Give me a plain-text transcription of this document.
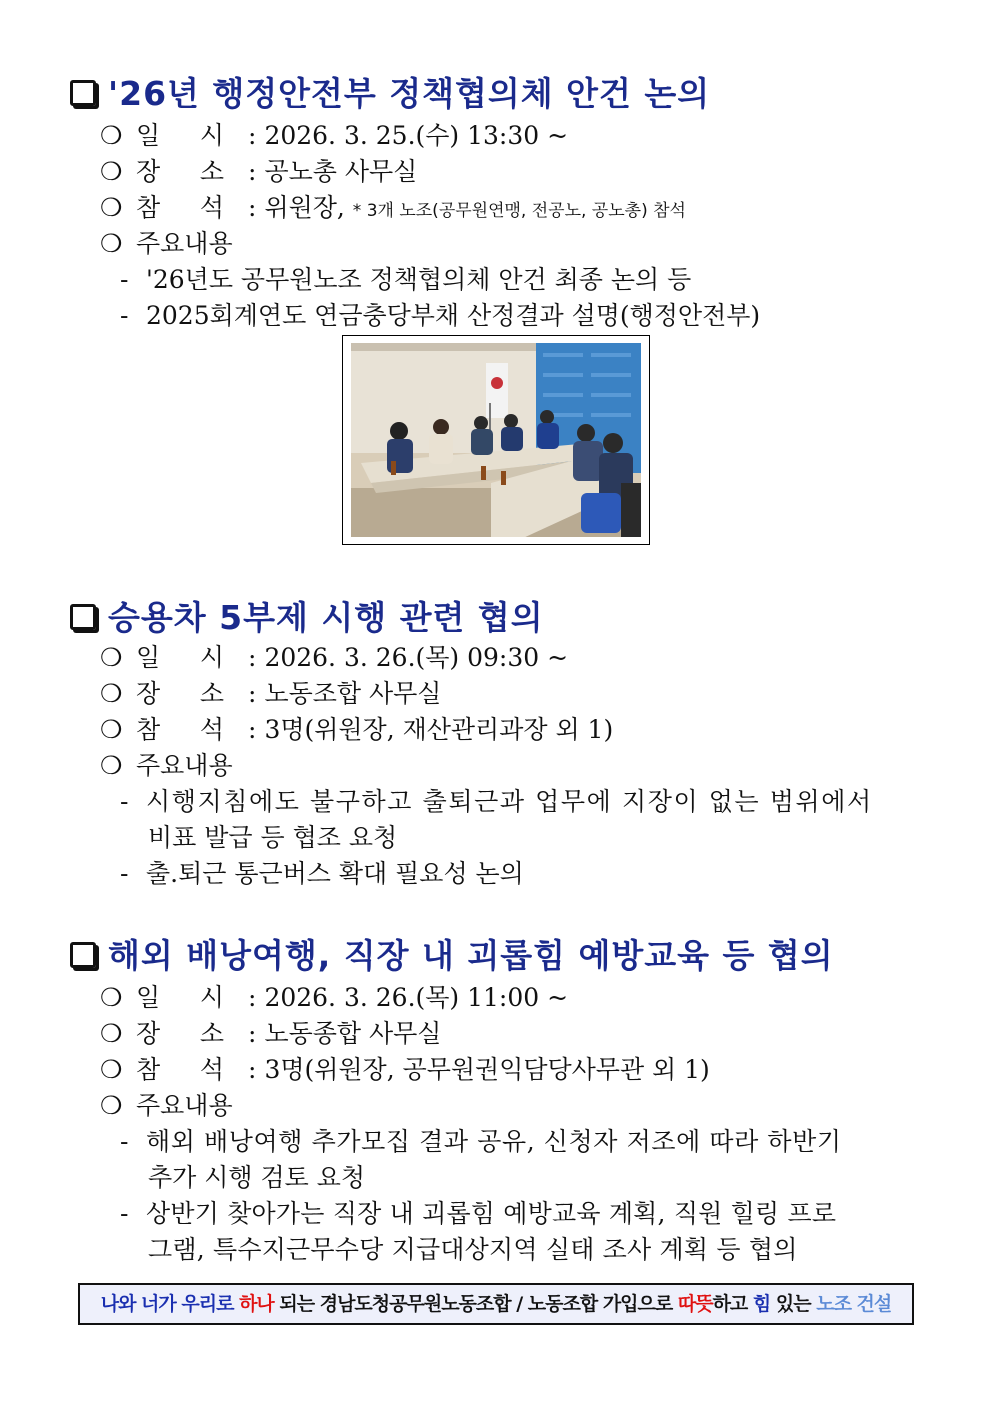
'26년 행정안전부 정책협의체 안건 논의
❍ 일     시 : 2026. 3. 25.(수) 13:30 ~
❍ 장     소 : 공노총 사무실
❍ 참     석 : 위원장, * 3개 노조(공무원연맹, 전공노, 공노총) 참석
❍ 주요내용
- '26년도 공무원노조 정책협의체 안건 최종 논의 등
- 2025회계연도 연금충당부채 산정결과 설명(행정안전부)
승용차 5부제 시행 관련 협의
❍ 일     시 : 2026. 3. 26.(목) 09:30 ~
❍ 장     소 : 노동조합 사무실
❍ 참     석 : 3명(위원장, 재산관리과장 외 1)
❍ 주요내용
- 시행지침에도 불구하고 출퇴근과 업무에 지장이 없는 범위에서
비표 발급 등 협조 요청
- 출.퇴근 통근버스 확대 필요성 논의
해외 배낭여행, 직장 내 괴롭힘 예방교육 등 협의
❍ 일     시 : 2026. 3. 26.(목) 11:00 ~
❍ 장     소 : 노동종합 사무실
❍ 참     석 : 3명(위원장, 공무원권익담당사무관 외 1)
❍ 주요내용
- 해외 배낭여행 추가모집 결과 공유, 신청자 저조에 따라 하반기
추가 시행 검토 요청
- 상반기 찾아가는 직장 내 괴롭힘 예방교육 계획, 직원 힐링 프로
그램, 특수지근무수당 지급대상지역 실태 조사 계획 등 협의
나와 너가 우리로 하나 되는 경남도청공무원노동조합 / 노동조합 가입으로 따뜻하고 힘 있는 노조 건설
